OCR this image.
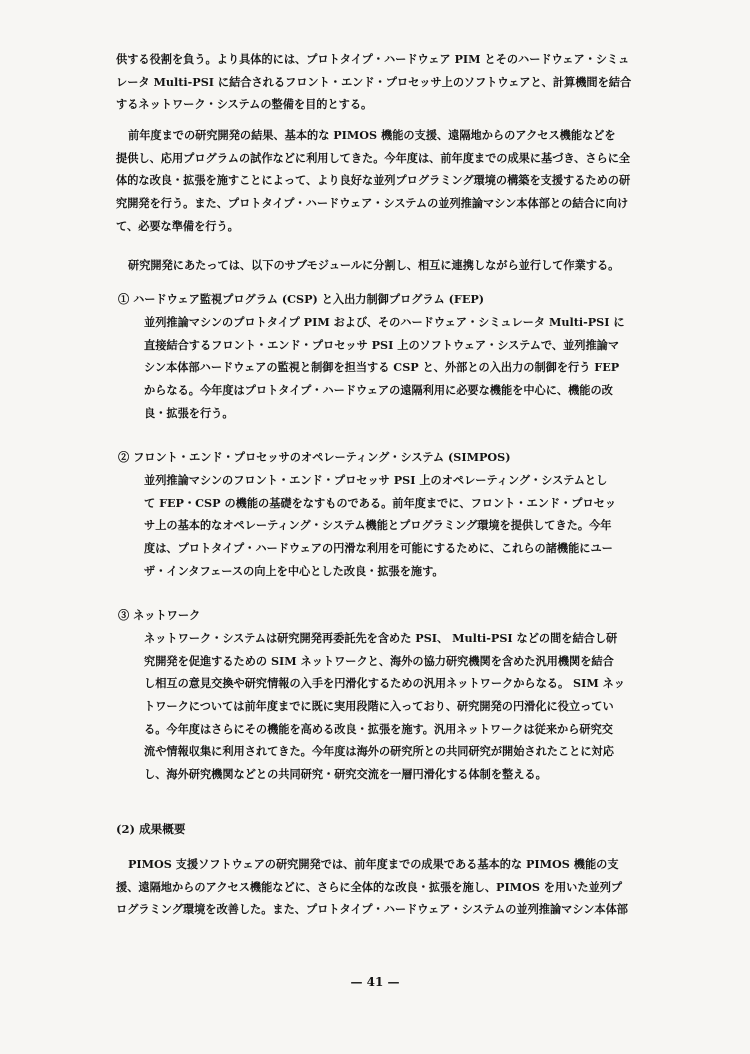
供する役割を負う。より具体的には、プロトタイプ・ハードウェア PIM とそのハードウェア・シミュ
レータ Multi-PSI に結合されるフロント・エンド・プロセッサ上のソフトウェアと、計算機間を結合
するネットワーク・システムの整備を目的とする。
前年度までの研究開発の結果、基本的な PIMOS 機能の支援、遠隔地からのアクセス機能などを
提供し、応用プログラムの試作などに利用してきた。今年度は、前年度までの成果に基づき、さらに全
体的な改良・拡張を施すことによって、より良好な並列プログラミング環境の構築を支援するための研
究開発を行う。また、プロトタイプ・ハードウェア・システムの並列推論マシン本体部との結合に向け
て、必要な準備を行う。
研究開発にあたっては、以下のサブモジュールに分割し、相互に連携しながら並行して作業する。
① ハードウェア監視プログラム (CSP) と入出力制御プログラム (FEP)
並列推論マシンのプロトタイプ PIM および、そのハードウェア・シミュレータ Multi-PSI に
直接結合するフロント・エンド・プロセッサ PSI 上のソフトウェア・システムで、並列推論マ
シン本体部ハードウェアの監視と制御を担当する CSP と、外部との入出力の制御を行う FEP
からなる。今年度はプロトタイプ・ハードウェアの遠隔利用に必要な機能を中心に、機能の改
良・拡張を行う。
② フロント・エンド・プロセッサのオペレーティング・システム (SIMPOS)
並列推論マシンのフロント・エンド・プロセッサ PSI 上のオペレーティング・システムとし
て FEP・CSP の機能の基礎をなすものである。前年度までに、フロント・エンド・プロセッ
サ上の基本的なオペレーティング・システム機能とプログラミング環境を提供してきた。今年
度は、プロトタイプ・ハードウェアの円滑な利用を可能にするために、これらの諸機能にユー
ザ・インタフェースの向上を中心とした改良・拡張を施す。
③ ネットワーク
ネットワーク・システムは研究開発再委託先を含めた PSI、 Multi-PSI などの間を結合し研
究開発を促進するための SIM ネットワークと、海外の協力研究機関を含めた汎用機関を結合
し相互の意見交換や研究情報の入手を円滑化するための汎用ネットワークからなる。 SIM ネッ
トワークについては前年度までに既に実用段階に入っており、研究開発の円滑化に役立ってい
る。今年度はさらにその機能を高める改良・拡張を施す。汎用ネットワークは従来から研究交
流や情報収集に利用されてきた。今年度は海外の研究所との共同研究が開始されたことに対応
し、海外研究機関などとの共同研究・研究交流を一層円滑化する体制を整える。
(2) 成果概要
PIMOS 支援ソフトウェアの研究開発では、前年度までの成果である基本的な PIMOS 機能の支
援、遠隔地からのアクセス機能などに、さらに全体的な改良・拡張を施し、PIMOS を用いた並列プ
ログラミング環境を改善した。また、プロトタイプ・ハードウェア・システムの並列推論マシン本体部
— 41 —
